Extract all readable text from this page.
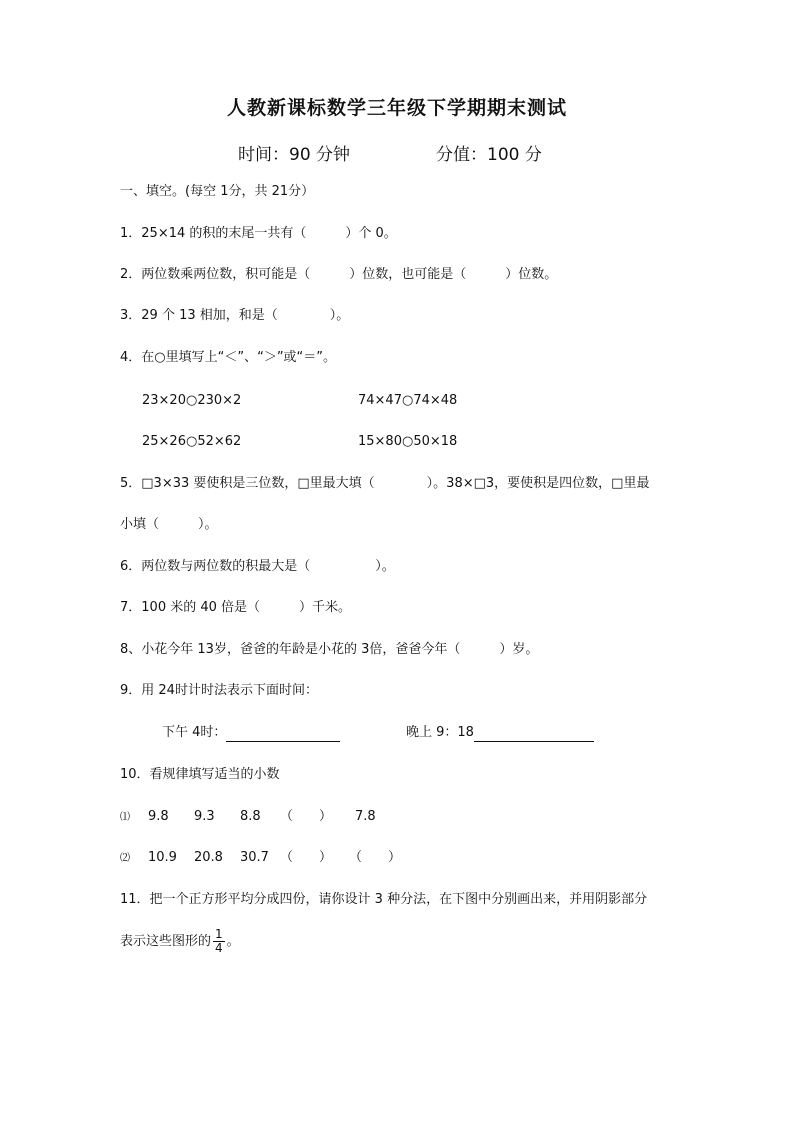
人教新课标数学三年级下学期期末测试
时间：90 分钟	分值：100 分
一、填空。(每空 1分，共 21分）
1．25×14 的积的末尾一共有（　　　）个 0。
2．两位数乘两位数，积可能是（　　　）位数，也可能是（　　　）位数。
3．29 个 13 相加，和是（　　　　）。
4．在○里填写上“＜”、“＞”或“＝”。
23×20○230×2	74×47○74×48
25×26○52×62	15×80○50×18
5．□3×33 要使积是三位数，□里最大填（　　　　）。38×□3，要使积是四位数，□里最
小填（　　　）。
6．两位数与两位数的积最大是（　　　　　）。
7．100 米的 40 倍是（　　　）千米。
8、小花今年 13岁，爸爸的年龄是小花的 3倍，爸爸今年（　　　）岁。
9．用 24时计时法表示下面时间：
下午 4时：	晚上 9：18
10．看规律填写适当的小数
⑴ 9.8 9.3 8.8 （　　） 7.8
⑵ 10.9 20.8 30.7 （　　） （　　）
11．把一个正方形平均分成四份，请你设计 3 种分法，在下图中分别画出来，并用阴影部分
表示这些图形的 $\frac{1}{4}$ 。
